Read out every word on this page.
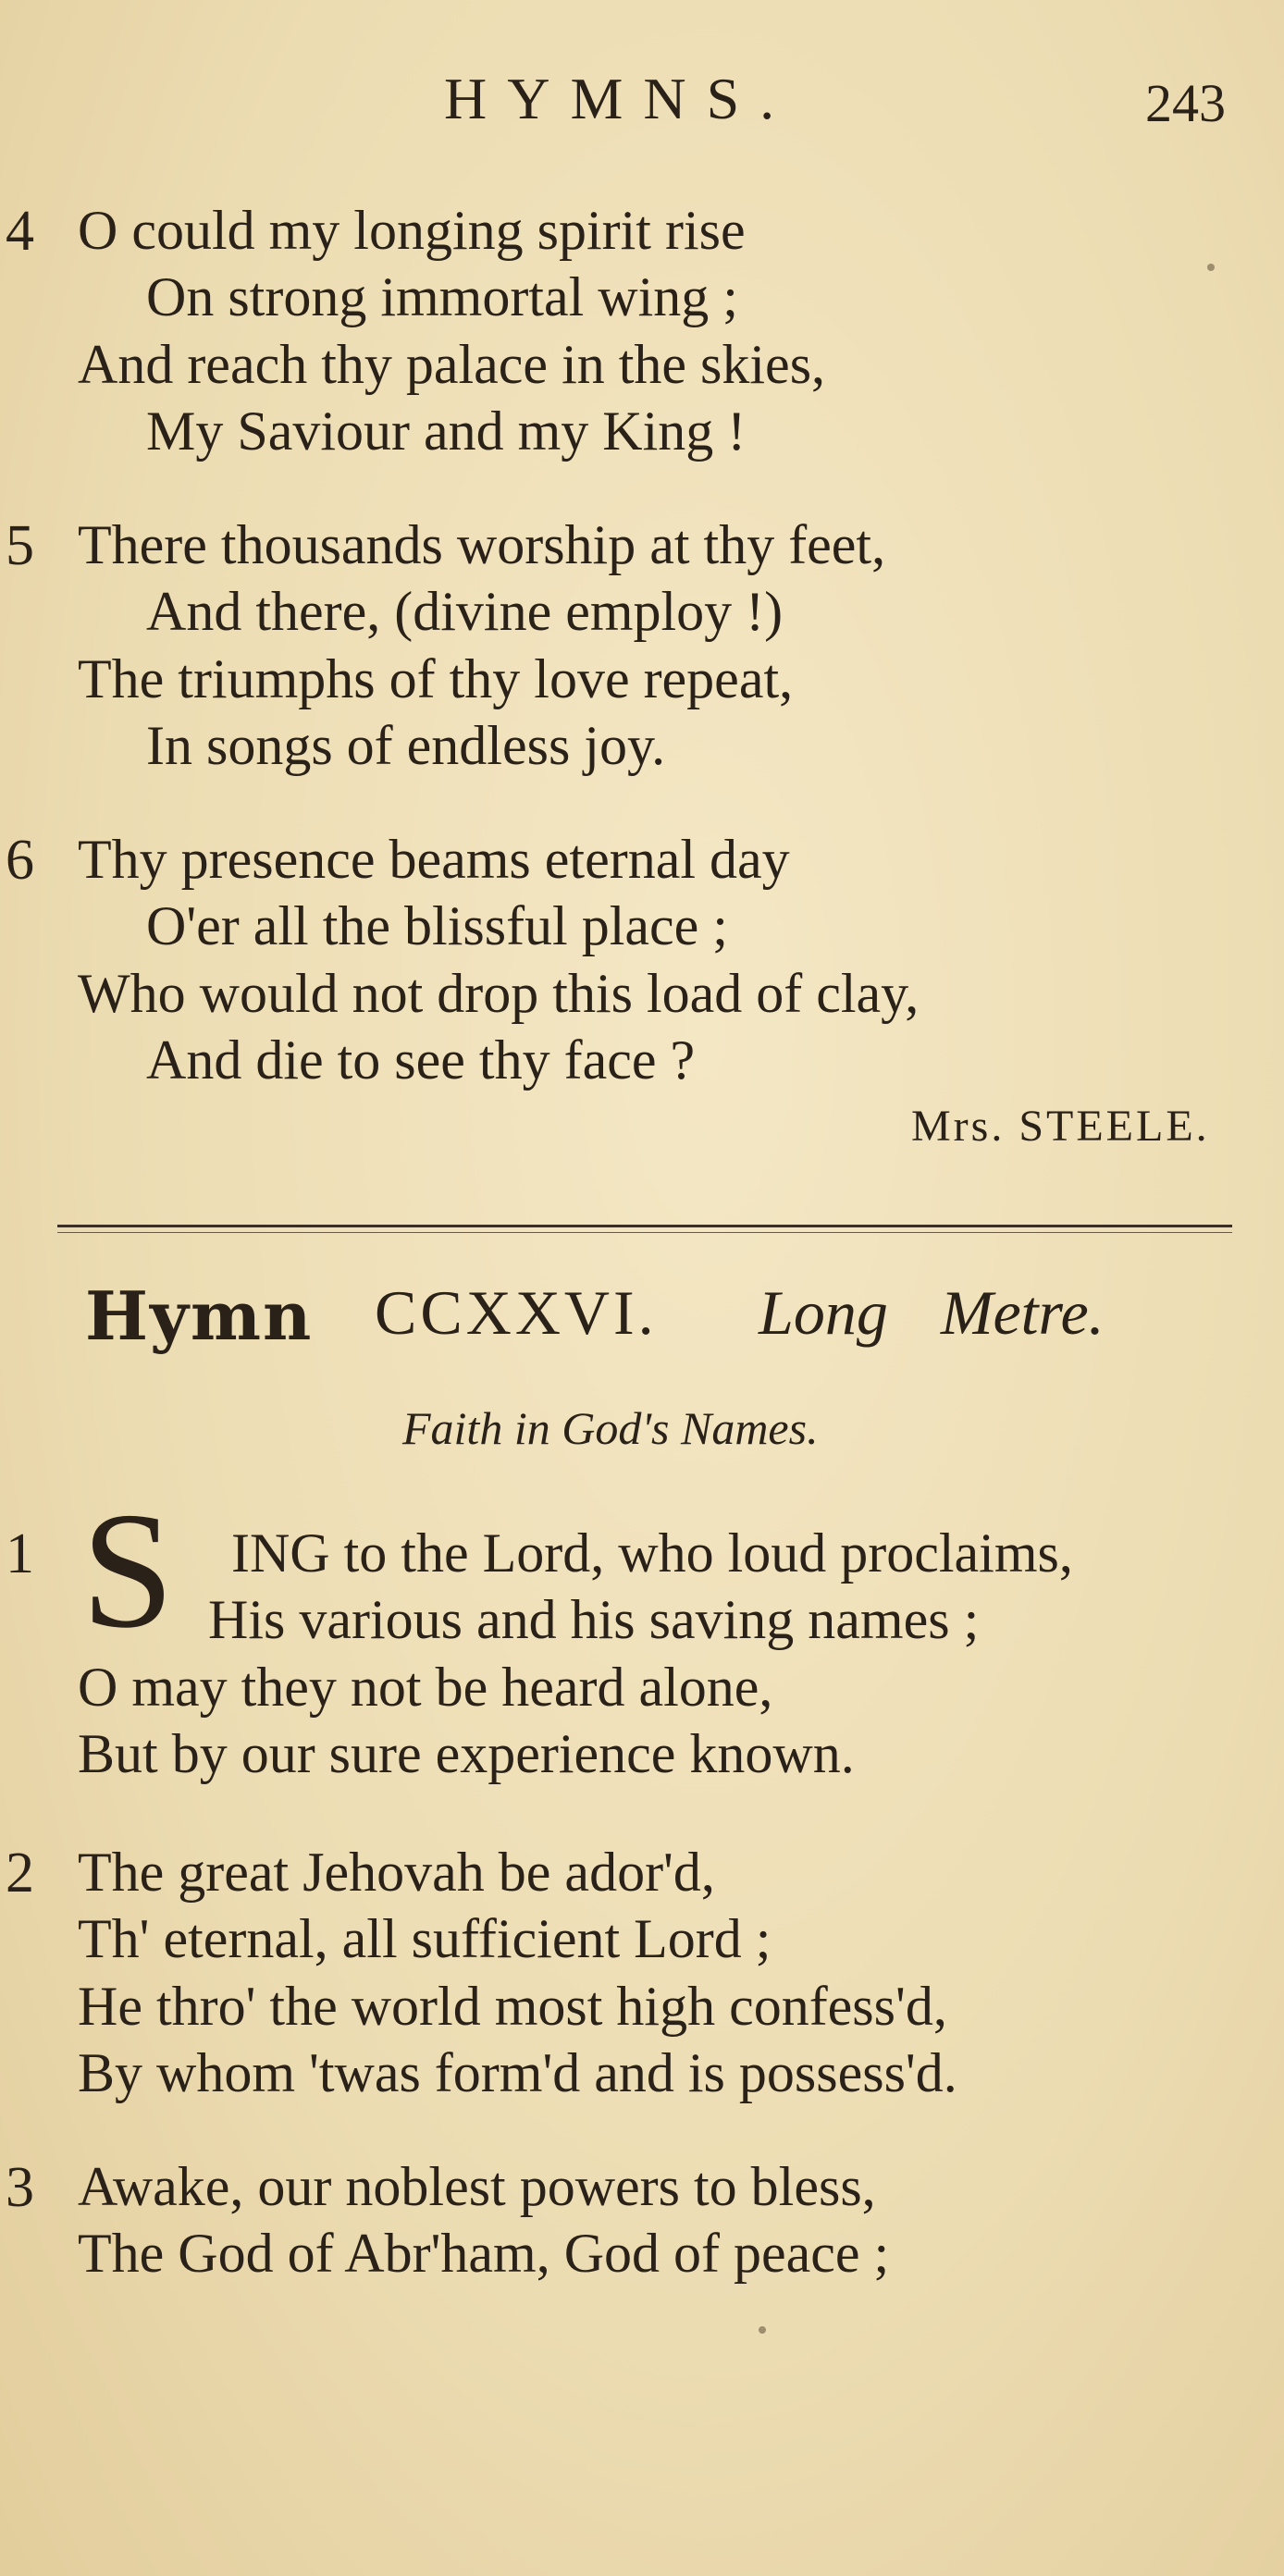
HYMNS.	243
4 O could my longing spirit rise
On strong immortal wing ;
And reach thy palace in the skies,
My Saviour and my King !
5 There thousands worship at thy feet,
And there, (divine employ !)
The triumphs of thy love repeat,
In songs of endless joy.
6 Thy presence beams eternal day
O'er all the blissful place ;
Who would not drop this load of clay,
And die to see thy face ?
Mrs. STEELE.
Hymn CCXXVI. Long Metre.
Faith in God's Names.
S
1	ING to the Lord, who loud proclaims,
His various and his saving names ;
O may they not be heard alone,
But by our sure experience known.
2 The great Jehovah be ador'd,
Th' eternal, all sufficient Lord ;
He thro' the world most high confess'd,
By whom 'twas form'd and is possess'd.
3 Awake, our noblest powers to bless,
The God of Abr'ham, God of peace ;
